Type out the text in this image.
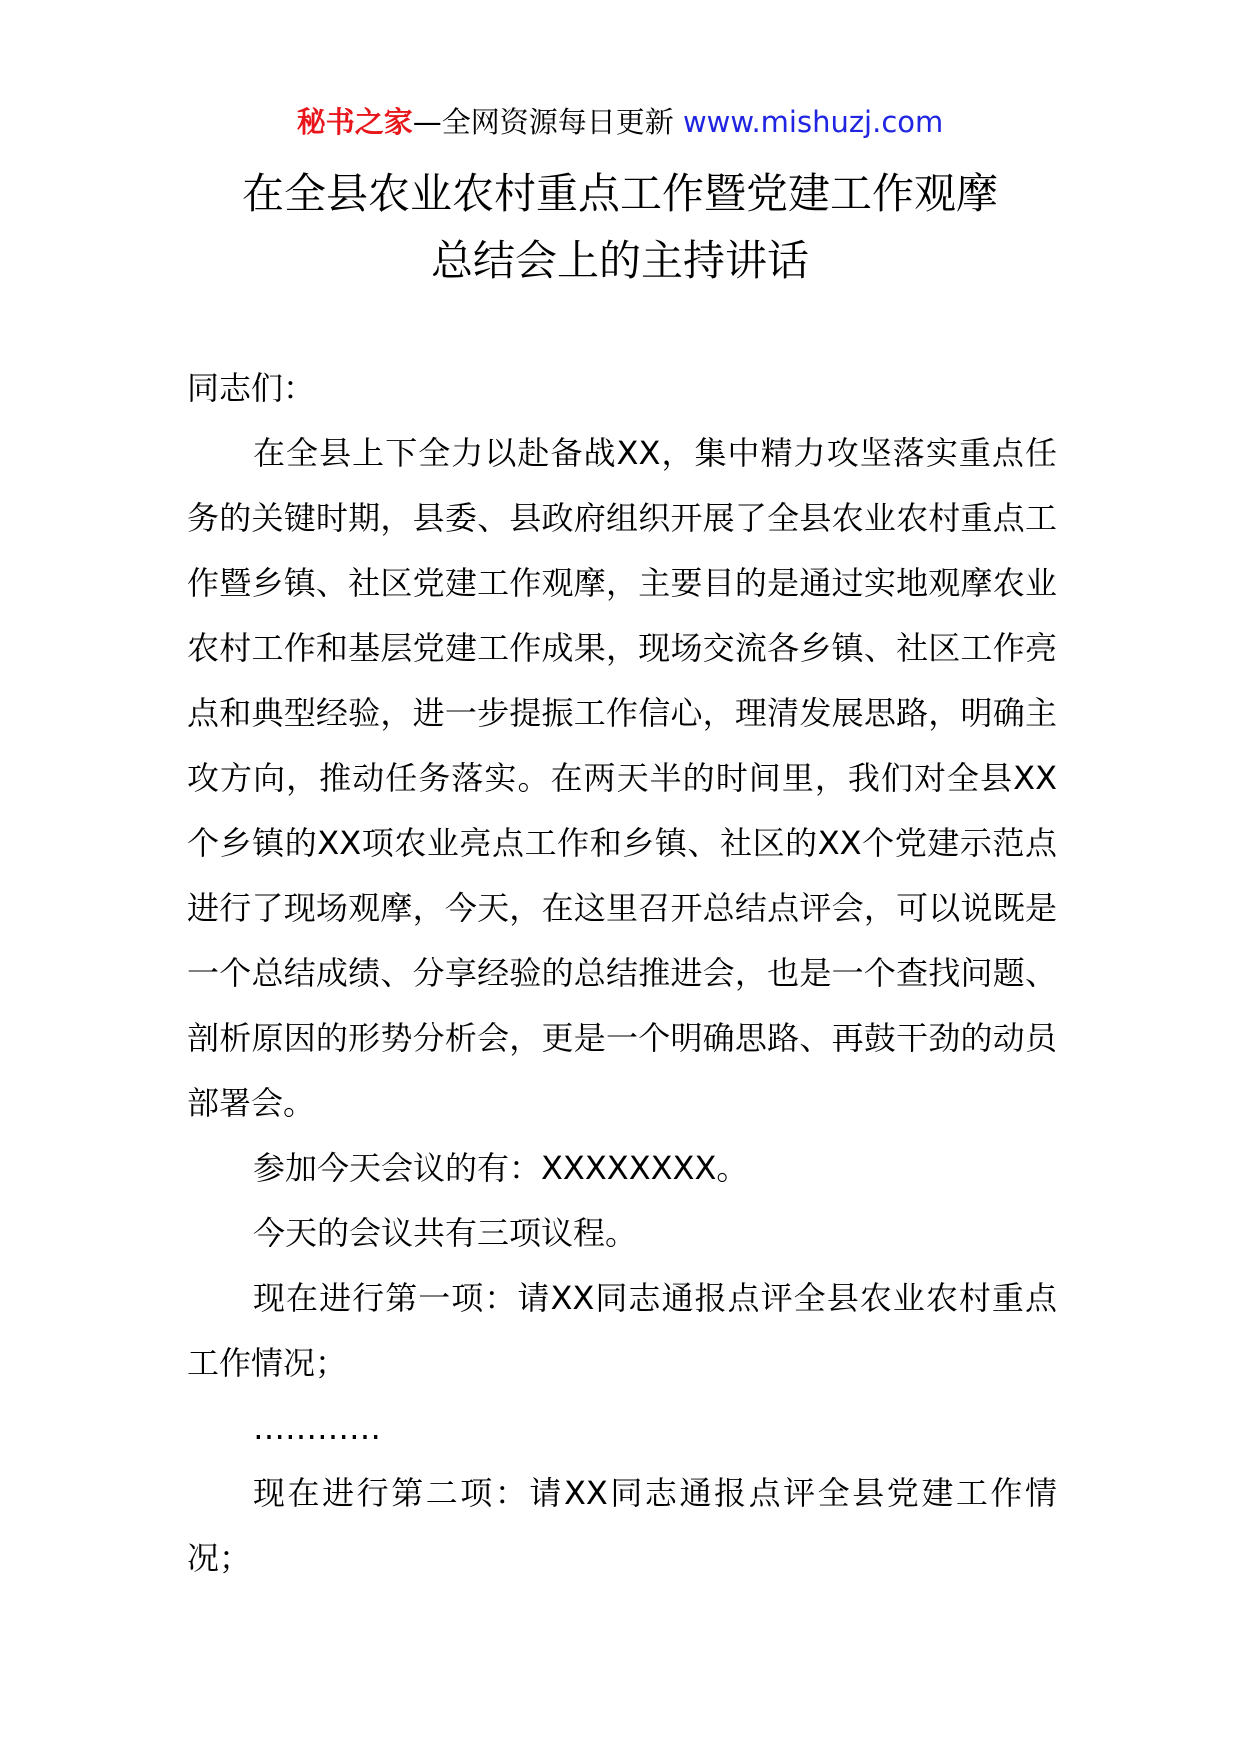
秘书之家—全网资源每日更新 www.mishuzj.com
在全县农业农村重点工作暨党建工作观摩
总结会上的主持讲话

同志们：

在全县上下全力以赴备战XX，集中精力攻坚落实重点任务的关键时期，县委、县政府组织开展了全县农业农村重点工作暨乡镇、社区党建工作观摩，主要目的是通过实地观摩农业农村工作和基层党建工作成果，现场交流各乡镇、社区工作亮点和典型经验，进一步提振工作信心，理清发展思路，明确主攻方向，推动任务落实。在两天半的时间里，我们对全县XX个乡镇的XX项农业亮点工作和乡镇、社区的XX个党建示范点进行了现场观摩，今天，在这里召开总结点评会，可以说既是一个总结成绩、分享经验的总结推进会，也是一个查找问题、剖析原因的形势分析会，更是一个明确思路、再鼓干劲的动员部署会。

参加今天会议的有：XXXXXXXX。

今天的会议共有三项议程。

现在进行第一项：请XX同志通报点评全县农业农村重点工作情况；

…………

现在进行第二项：请XX同志通报点评全县党建工作情况；
